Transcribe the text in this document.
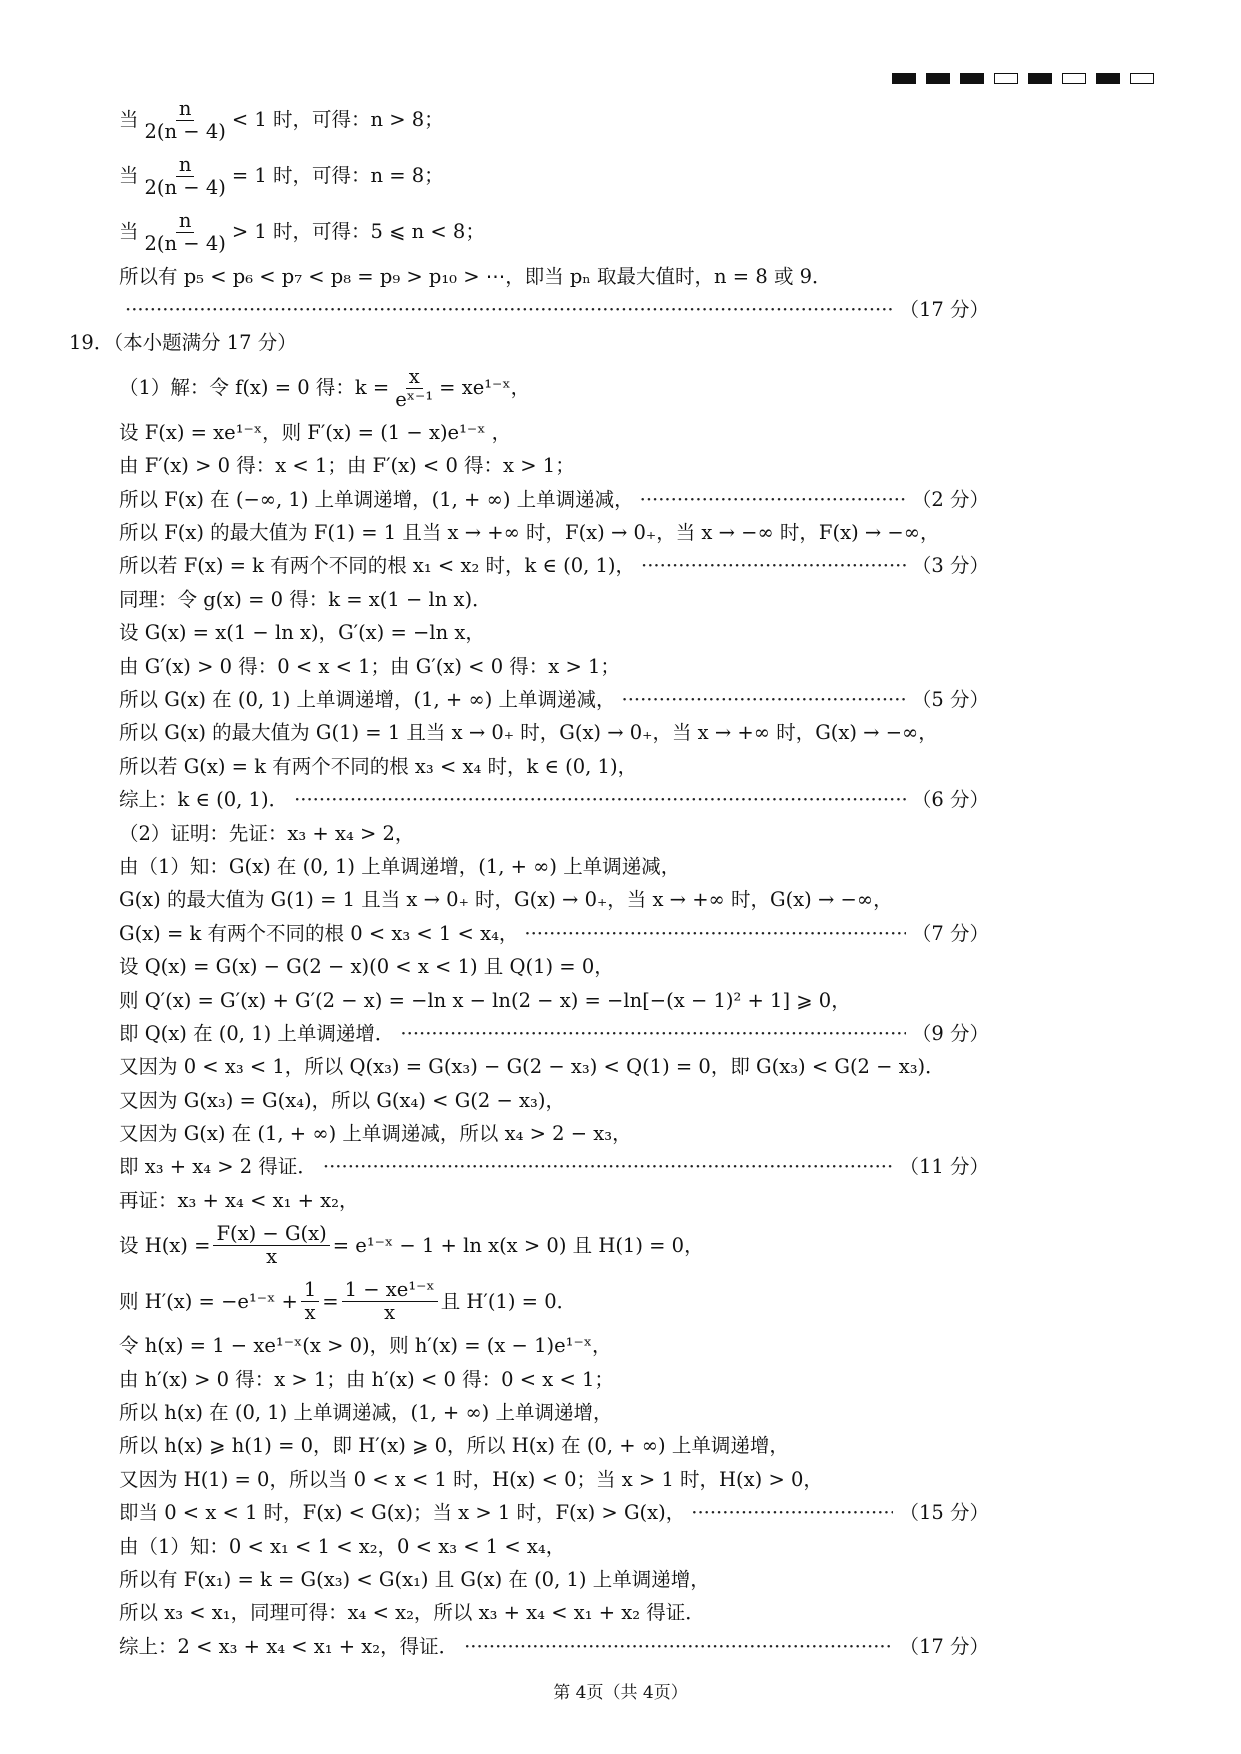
当 $\frac{n}{2(n - 4)} < 1$ 时，可得：n > 8；
当 $\frac{n}{2(n - 4)} = 1$ 时，可得：n = 8；
当 $\frac{n}{2(n - 4)} > 1$ 时，可得：5 ⩽ n < 8；
所以有 p₅ < p₆ < p₇ < p₈ = p₉ > p₁₀ > ⋯，即当 pₙ 取最大值时，n = 8 或 9．
·····
（17 分）
19．（本小题满分 17 分）
（1）解：令 f(x) = 0 得：$k = \frac{x}{\text{eˣ⁻¹}}$ = xe¹⁻ˣ，
设 F(x) = xe¹⁻ˣ，则 F′(x) = (1 − x)e¹⁻ˣ ，
由 F′(x) > 0 得：x < 1；由 F′(x) < 0 得：x > 1；
所以 F(x) 在 (−∞, 1) 上单调递增，(1, + ∞) 上单调递减， ·····	（2 分）
所以 F(x) 的最大值为 F(1) = 1 且当 x → +∞ 时，F(x) → 0₊，当 x → −∞ 时，F(x) → −∞，
所以若 F(x) = k 有两个不同的根 x₁ < x₂ 时，k ∈ (0, 1)， ·····	（3 分）
同理：令 g(x) = 0 得：k = x(1 − ln x)．
设 G(x) = x(1 − ln x)，G′(x) = −ln x，
由 G′(x) > 0 得：0 < x < 1；由 G′(x) < 0 得：x > 1；
所以 G(x) 在 (0, 1) 上单调递增，(1, + ∞) 上单调递减， ·····	（5 分）
所以 G(x) 的最大值为 G(1) = 1 且当 x → 0₊ 时，G(x) → 0₊，当 x → +∞ 时，G(x) → −∞，
所以若 G(x) = k 有两个不同的根 x₃ < x₄ 时，k ∈ (0, 1)，
综上：k ∈ (0, 1)． ·····	（6 分）
（2）证明：先证：x₃ + x₄ > 2，
由（1）知：G(x) 在 (0, 1) 上单调递增，(1, + ∞) 上单调递减，
G(x) 的最大值为 G(1) = 1 且当 x → 0₊ 时，G(x) → 0₊，当 x → +∞ 时，G(x) → −∞，
G(x) = k 有两个不同的根 0 < x₃ < 1 < x₄， ·····	（7 分）
设 Q(x) = G(x) − G(2 − x)(0 < x < 1) 且 Q(1) = 0，
则 Q′(x) = G′(x) + G′(2 − x) = −ln x − ln(2 − x) = −ln[−(x − 1)² + 1] ⩾ 0，
即 Q(x) 在 (0, 1) 上单调递增． ·····	（9 分）
又因为 0 < x₃ < 1，所以 Q(x₃) = G(x₃) − G(2 − x₃) < Q(1) = 0，即 G(x₃) < G(2 − x₃)．
又因为 G(x₃) = G(x₄)，所以 G(x₄) < G(2 − x₃)，
又因为 G(x) 在 (1, + ∞) 上单调递减，所以 x₄ > 2 − x₃，
即 x₃ + x₄ > 2 得证． ·····	（11 分）
再证：x₃ + x₄ < x₁ + x₂，
设 $H(x) = \frac{F(x) - G(x)}{x}$ = e¹⁻ˣ − 1 + ln x(x > 0) 且 H(1) = 0，
则 H′(x) = −e¹⁻ˣ + $\frac{1}{x} = \frac{\text{1 − xe¹⁻ˣ}}{x}$ 且 H′(1) = 0．
令 h(x) = 1 − xe¹⁻ˣ(x > 0)，则 h′(x) = (x − 1)e¹⁻ˣ，
由 h′(x) > 0 得：x > 1；由 h′(x) < 0 得：0 < x < 1；
所以 h(x) 在 (0, 1) 上单调递减，(1, + ∞) 上单调递增，
所以 h(x) ⩾ h(1) = 0，即 H′(x) ⩾ 0，所以 H(x) 在 (0, + ∞) 上单调递增，
又因为 H(1) = 0，所以当 0 < x < 1 时，H(x) < 0；当 x > 1 时，H(x) > 0，
即当 0 < x < 1 时，F(x) < G(x)；当 x > 1 时，F(x) > G(x)， ·····	（15 分）
由（1）知：0 < x₁ < 1 < x₂，0 < x₃ < 1 < x₄，
所以有 F(x₁) = k = G(x₃) < G(x₁) 且 G(x) 在 (0, 1) 上单调递增，
所以 x₃ < x₁，同理可得：x₄ < x₂，所以 x₃ + x₄ < x₁ + x₂ 得证．
综上：2 < x₃ + x₄ < x₁ + x₂，得证． ·····	（17 分）
第 4页（共 4页）
